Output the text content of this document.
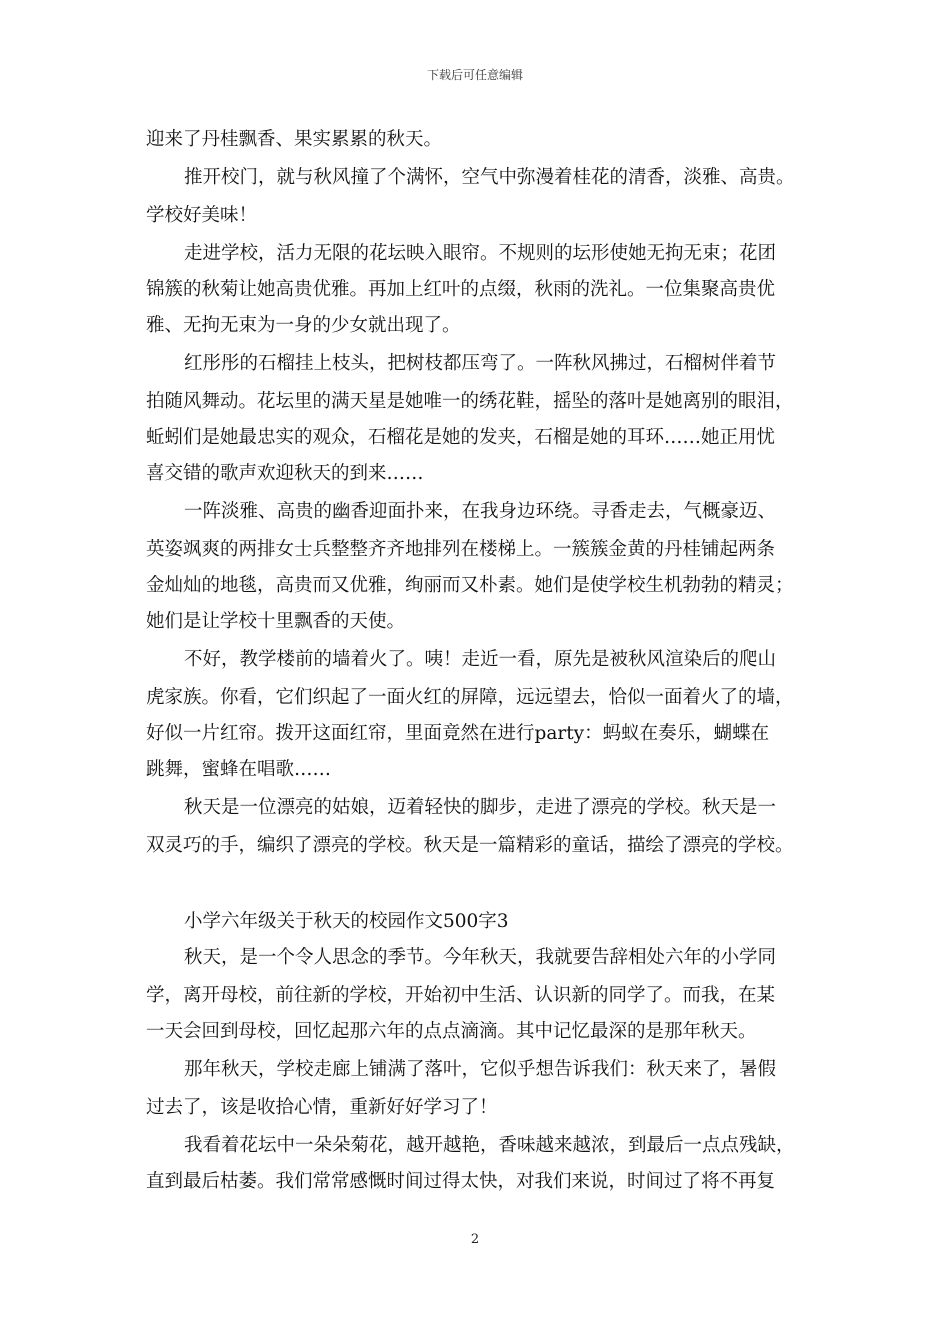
下载后可任意编辑
迎来了丹桂飘香、果实累累的秋天。
推开校门，就与秋风撞了个满怀，空气中弥漫着桂花的清香，淡雅、高贵。
学校好美味！
走进学校，活力无限的花坛映入眼帘。不规则的坛形使她无拘无束；花团
锦簇的秋菊让她高贵优雅。再加上红叶的点缀，秋雨的洗礼。一位集聚高贵优
雅、无拘无束为一身的少女就出现了。
红彤彤的石榴挂上枝头，把树枝都压弯了。一阵秋风拂过，石榴树伴着节
拍随风舞动。花坛里的满天星是她唯一的绣花鞋，摇坠的落叶是她离别的眼泪，
蚯蚓们是她最忠实的观众，石榴花是她的发夹，石榴是她的耳环……她正用忧
喜交错的歌声欢迎秋天的到来……
一阵淡雅、高贵的幽香迎面扑来，在我身边环绕。寻香走去，气概豪迈、
英姿飒爽的两排女士兵整整齐齐地排列在楼梯上。一簇簇金黄的丹桂铺起两条
金灿灿的地毯，高贵而又优雅，绚丽而又朴素。她们是使学校生机勃勃的精灵；
她们是让学校十里飘香的天使。
不好，教学楼前的墙着火了。咦！走近一看，原先是被秋风渲染后的爬山
虎家族。你看，它们织起了一面火红的屏障，远远望去，恰似一面着火了的墙，
好似一片红帘。拨开这面红帘，里面竟然在进行party：蚂蚁在奏乐，蝴蝶在
跳舞，蜜蜂在唱歌……
秋天是一位漂亮的姑娘，迈着轻快的脚步，走进了漂亮的学校。秋天是一
双灵巧的手，编织了漂亮的学校。秋天是一篇精彩的童话，描绘了漂亮的学校。
小学六年级关于秋天的校园作文500字3
秋天，是一个令人思念的季节。今年秋天，我就要告辞相处六年的小学同
学，离开母校，前往新的学校，开始初中生活、认识新的同学了。而我，在某
一天会回到母校，回忆起那六年的点点滴滴。其中记忆最深的是那年秋天。
那年秋天，学校走廊上铺满了落叶，它似乎想告诉我们：秋天来了，暑假
过去了，该是收拾心情，重新好好学习了！
我看着花坛中一朵朵菊花，越开越艳，香味越来越浓，到最后一点点残缺，
直到最后枯萎。我们常常感慨时间过得太快，对我们来说，时间过了将不再复
2
